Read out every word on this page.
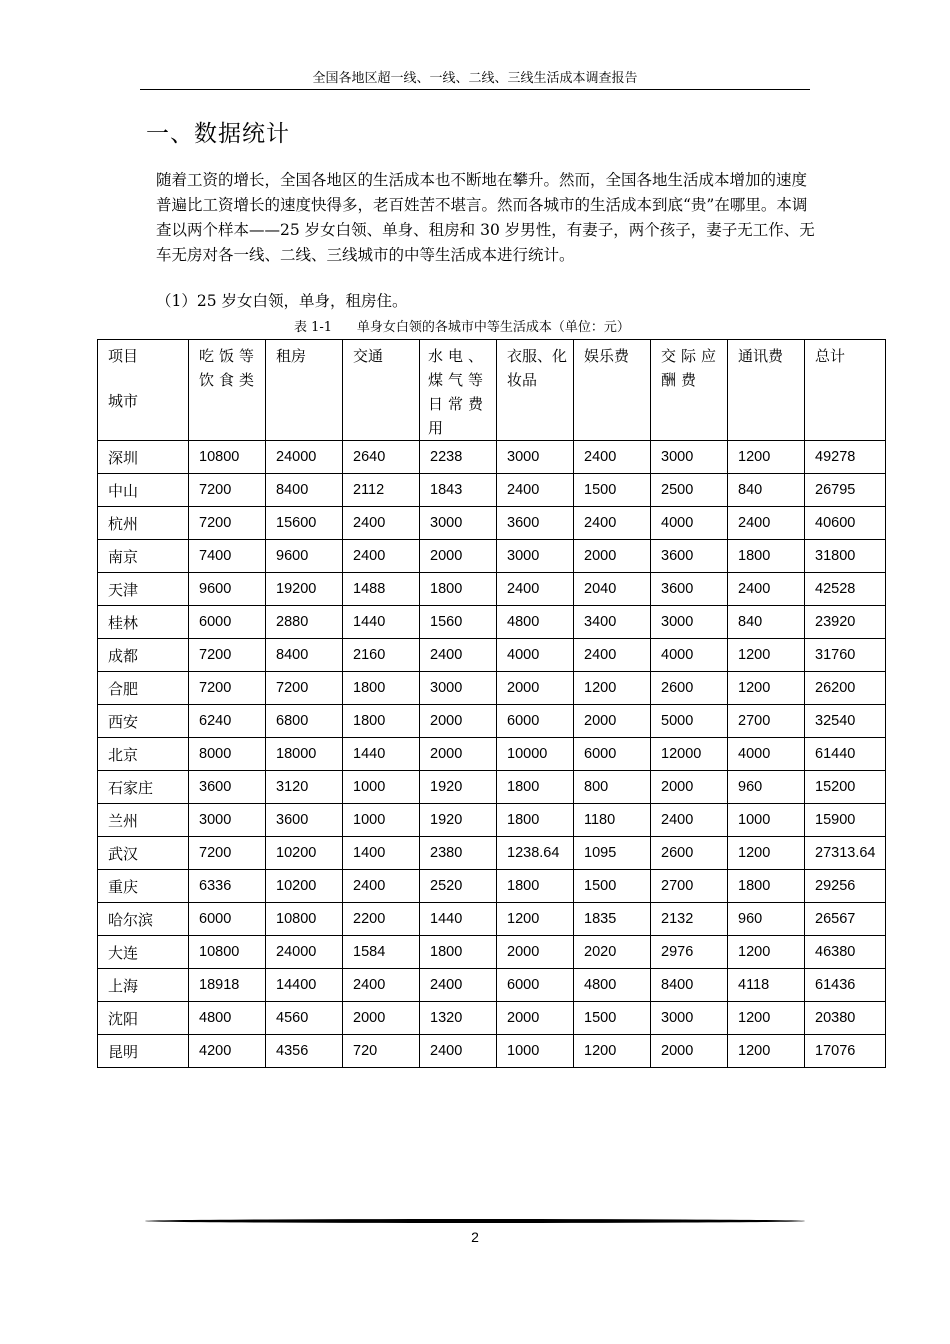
全国各地区超一线、一线、二线、三线生活成本调查报告
一、数据统计

随着工资的增长，全国各地区的生活成本也不断地在攀升。然而，全国各地生活成本增加的速度普遍比工资增长的速度快得多，老百姓苦不堪言。然而各城市的生活成本到底“贵”在哪里。本调查以两个样本——25 岁女白领、单身、租房和 30 岁男性，有妻子，两个孩子，妻子无工作、无车无房对各一线、二线、三线城市的中等生活成本进行统计。

（1）25 岁女白领，单身，租房住。
表 1-1      单身女白领的各城市中等生活成本（单位：元）
项目
城市	吃饭等饮食类	租房	交通	水电、煤气等日常费用	衣服、化妆品	娱乐费	交际应酬费	通讯费	总计
深圳	10800	24000	2640	2238	3000	2400	3000	1200	49278
中山	7200	8400	2112	1843	2400	1500	2500	840	26795
杭州	7200	15600	2400	3000	3600	2400	4000	2400	40600
南京	7400	9600	2400	2000	3000	2000	3600	1800	31800
天津	9600	19200	1488	1800	2400	2040	3600	2400	42528
桂林	6000	2880	1440	1560	4800	3400	3000	840	23920
成都	7200	8400	2160	2400	4000	2400	4000	1200	31760
合肥	7200	7200	1800	3000	2000	1200	2600	1200	26200
西安	6240	6800	1800	2000	6000	2000	5000	2700	32540
北京	8000	18000	1440	2000	10000	6000	12000	4000	61440
石家庄	3600	3120	1000	1920	1800	800	2000	960	15200
兰州	3000	3600	1000	1920	1800	1180	2400	1000	15900
武汉	7200	10200	1400	2380	1238.64	1095	2600	1200	27313.64
重庆	6336	10200	2400	2520	1800	1500	2700	1800	29256
哈尔滨	6000	10800	2200	1440	1200	1835	2132	960	26567
大连	10800	24000	1584	1800	2000	2020	2976	1200	46380
上海	18918	14400	2400	2400	6000	4800	8400	4118	61436
沈阳	4800	4560	2000	1320	2000	1500	3000	1200	20380
昆明	4200	4356	720	2400	1000	1200	2000	1200	17076
2
